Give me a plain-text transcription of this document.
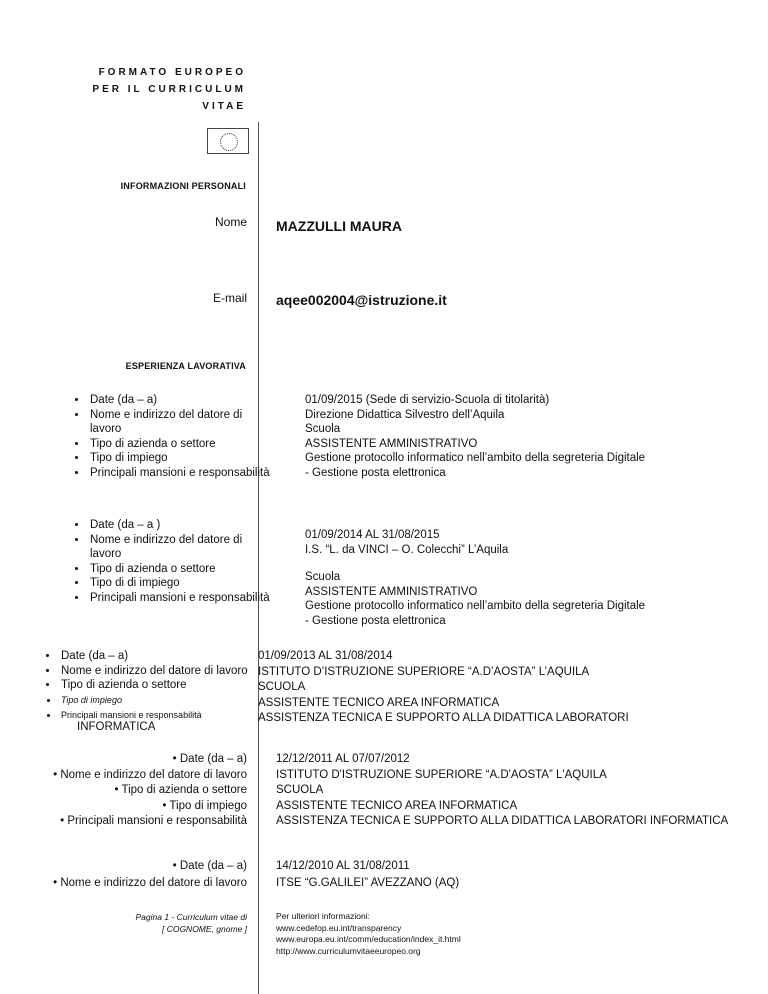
FORMATO EUROPEO
PER IL CURRICULUM
VITAE
INFORMAZIONI PERSONALI
Nome MAZZULLI MAURA
E-mail aqee002004@istruzione.it
ESPERIENZA LAVORATIVA
• Date (da – a)
• Nome e indirizzo del datore di lavoro
• Tipo di azienda o settore
• Tipo di impiego
• Principali mansioni e responsabilità
01/09/2015 (Sede di servizio-Scuola di titolarità)
Direzione Didattica Silvestro dell’Aquila
Scuola
ASSISTENTE AMMINISTRATIVO
Gestione protocollo informatico nell’ambito della segreteria Digitale
- Gestione posta elettronica
• Date (da – a )
• Nome e indirizzo del datore di lavoro
• Tipo di azienda o settore
• Tipo di di impiego
• Principali mansioni e responsabilità
01/09/2014 AL 31/08/2015
I.S. “L. da VINCI – O. Colecchi” L’Aquila
Scuola
ASSISTENTE AMMINISTRATIVO
Gestione protocollo informatico nell’ambito della segreteria Digitale
- Gestione posta elettronica
• Date (da – a)
• Nome e indirizzo del datore di lavoro
• Tipo di azienda o settore
• Tipo di impiego
• Principali mansioni e responsabilità
INFORMATICA
01/09/2013 AL 31/08/2014
ISTITUTO D’ISTRUZIONE SUPERIORE “A.D’AOSTA” L’AQUILA
SCUOLA
ASSISTENTE TECNICO AREA INFORMATICA
ASSISTENZA TECNICA E SUPPORTO ALLA DIDATTICA LABORATORI
• Date (da – a)
• Nome e indirizzo del datore di lavoro
• Tipo di azienda o settore
• Tipo di impiego
• Principali mansioni e responsabilità
12/12/2011 AL 07/07/2012
ISTITUTO D'ISTRUZIONE SUPERIORE “A.D'AOSTA” L'AQUILA
SCUOLA
ASSISTENTE TECNICO AREA INFORMATICA
ASSISTENZA TECNICA E SUPPORTO ALLA DIDATTICA LABORATORI INFORMATICA
• Date (da – a)
• Nome e indirizzo del datore di lavoro
14/12/2010 AL 31/08/2011
ITSE “G.GALILEI” AVEZZANO (AQ)
Pagina 1 - Curriculum vitae di
[ COGNOME, gnome ]
Per ulteriori informazioni:
www.cedefop.eu.int/transparency
www.europa.eu.int/comm/education/index_it.html
http://www.curriculumvitaeeuropeo.org
